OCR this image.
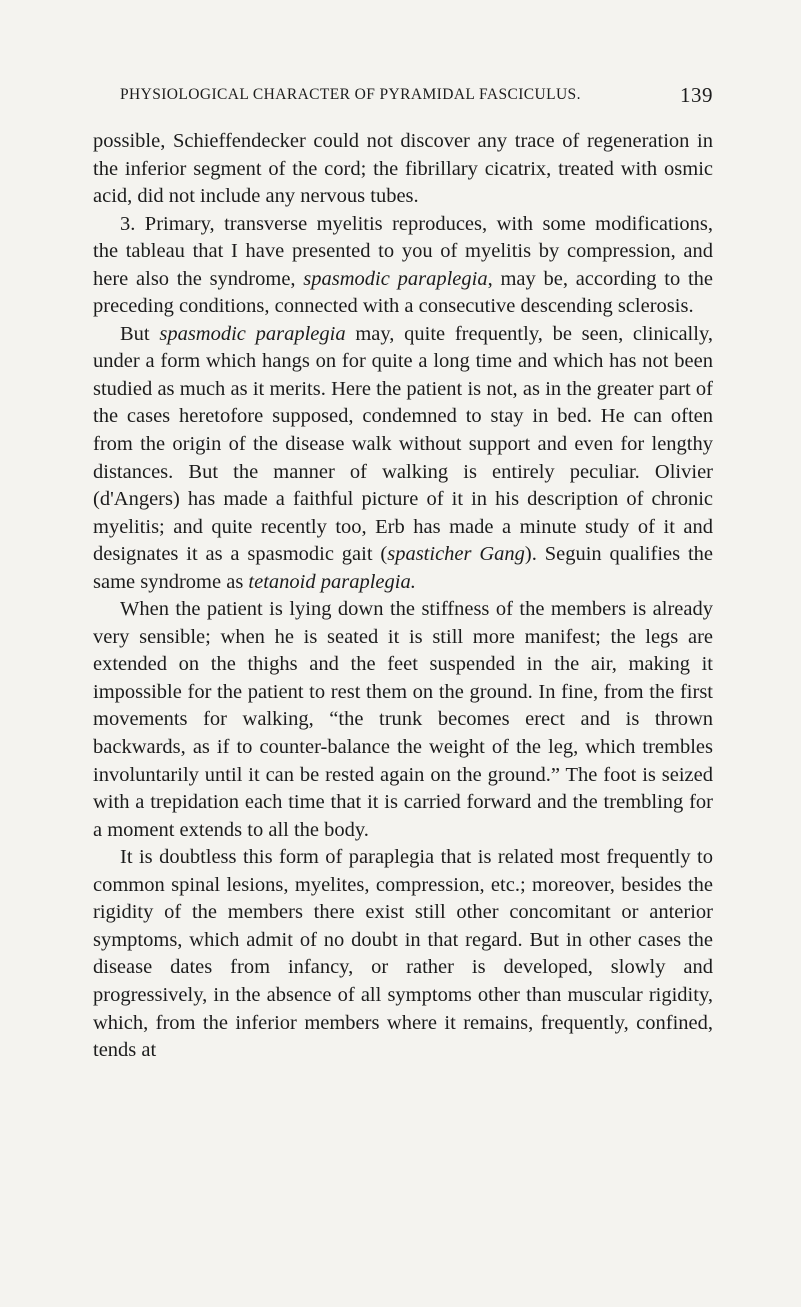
PHYSIOLOGICAL CHARACTER OF PYRAMIDAL FASCICULUS.	139

possible, Schieffendecker could not discover any trace of regeneration in the inferior segment of the cord; the fibrillary cicatrix, treated with osmic acid, did not include any nervous tubes.

3. Primary, transverse myelitis reproduces, with some modifications, the tableau that I have presented to you of myelitis by compression, and here also the syndrome, spasmodic paraplegia, may be, according to the preceding conditions, connected with a consecutive descending sclerosis.

But spasmodic paraplegia may, quite frequently, be seen, clinically, under a form which hangs on for quite a long time and which has not been studied as much as it merits. Here the patient is not, as in the greater part of the cases heretofore supposed, condemned to stay in bed. He can often from the origin of the disease walk without support and even for lengthy distances. But the manner of walking is entirely peculiar. Olivier (d'Angers) has made a faithful picture of it in his description of chronic myelitis; and quite recently too, Erb has made a minute study of it and designates it as a spasmodic gait (spasticher Gang). Seguin qualifies the same syndrome as tetanoid paraplegia.

When the patient is lying down the stiffness of the members is already very sensible; when he is seated it is still more manifest; the legs are extended on the thighs and the feet suspended in the air, making it impossible for the patient to rest them on the ground. In fine, from the first movements for walking, “the trunk becomes erect and is thrown backwards, as if to counter-balance the weight of the leg, which trembles involuntarily until it can be rested again on the ground.” The foot is seized with a trepidation each time that it is carried forward and the trembling for a moment extends to all the body.

It is doubtless this form of paraplegia that is related most frequently to common spinal lesions, myelites, compression, etc.; moreover, besides the rigidity of the members there exist still other concomitant or anterior symptoms, which admit of no doubt in that regard. But in other cases the disease dates from infancy, or rather is developed, slowly and progressively, in the absence of all symptoms other than muscular rigidity, which, from the inferior members where it remains, frequently, confined, tends at
